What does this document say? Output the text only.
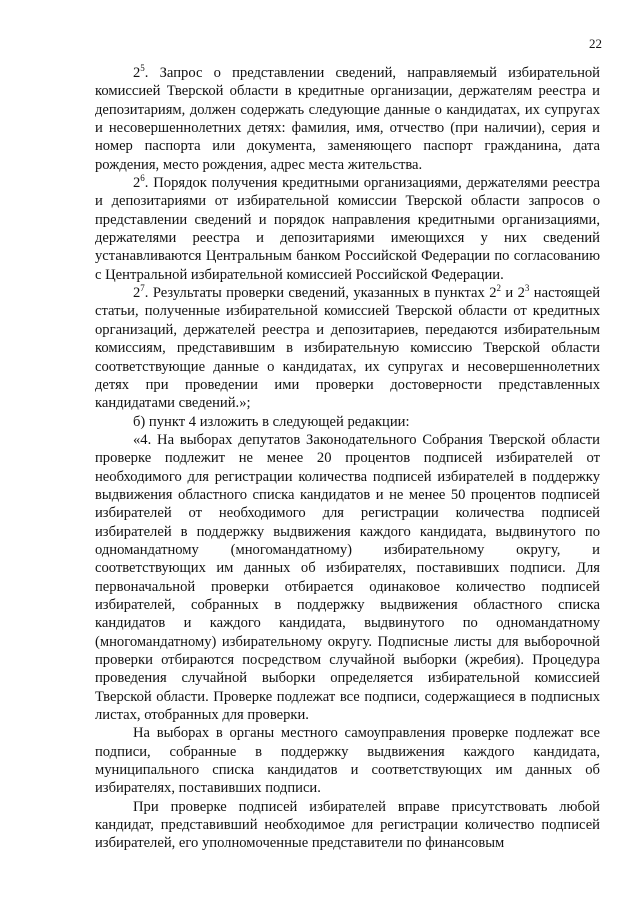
22

$2^5$. Запрос о представлении сведений, направляемый избирательной комиссией Тверской области в кредитные организации, держателям реестра и депозитариям, должен содержать следующие данные о кандидатах, их супругах и несовершеннолетних детях: фамилия, имя, отчество (при наличии), серия и номер паспорта или документа, заменяющего паспорт гражданина, дата рождения, место рождения, адрес места жительства.

$2^6$. Порядок получения кредитными организациями, держателями реестра и депозитариями от избирательной комиссии Тверской области запросов о представлении сведений и порядок направления кредитными организациями, держателями реестра и депозитариями имеющихся у них сведений устанавливаются Центральным банком Российской Федерации по согласованию с Центральной избирательной комиссией Российской Федерации.

$2^7$. Результаты проверки сведений, указанных в пунктах $2^2$ и $2^3$ настоящей статьи, полученные избирательной комиссией Тверской области от кредитных организаций, держателей реестра и депозитариев, передаются избирательным комиссиям, представившим в избирательную комиссию Тверской области соответствующие данные о кандидатах, их супругах и несовершеннолетних детях при проведении ими проверки достоверности представленных кандидатами сведений.»;

б) пункт 4 изложить в следующей редакции:

«4. На выборах депутатов Законодательного Собрания Тверской области проверке подлежит не менее 20 процентов подписей избирателей от необходимого для регистрации количества подписей избирателей в поддержку выдвижения областного списка кандидатов и не менее 50 процентов подписей избирателей от необходимого для регистрации количества подписей избирателей в поддержку выдвижения каждого кандидата, выдвинутого по одномандатному (многомандатному) избирательному округу, и соответствующих им данных об избирателях, поставивших подписи. Для первоначальной проверки отбирается одинаковое количество подписей избирателей, собранных в поддержку выдвижения областного списка кандидатов и каждого кандидата, выдвинутого по одномандатному (многомандатному) избирательному округу. Подписные листы для выборочной проверки отбираются посредством случайной выборки (жребия). Процедура проведения случайной выборки определяется избирательной комиссией Тверской области. Проверке подлежат все подписи, содержащиеся в подписных листах, отобранных для проверки.

На выборах в органы местного самоуправления проверке подлежат все подписи, собранные в поддержку выдвижения каждого кандидата, муниципального списка кандидатов и соответствующих им данных об избирателях, поставивших подписи.

При проверке подписей избирателей вправе присутствовать любой кандидат, представивший необходимое для регистрации количество подписей избирателей, его уполномоченные представители по финансовым
